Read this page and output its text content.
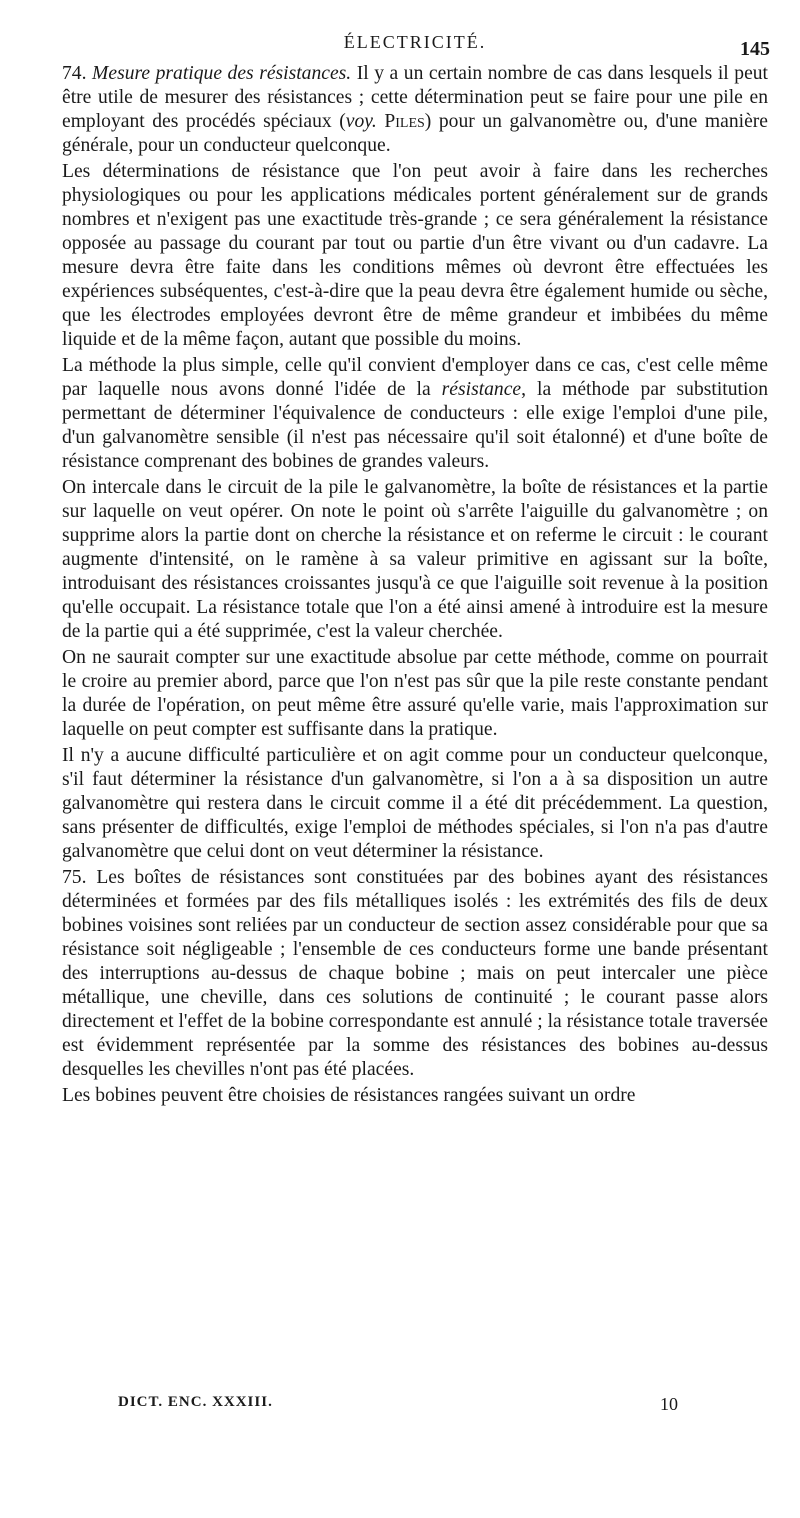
ÉLECTRICITÉ.	145

74. Mesure pratique des résistances. Il y a un certain nombre de cas dans lesquels il peut être utile de mesurer des résistances ; cette détermination peut se faire pour une pile en employant des procédés spéciaux (voy. Piles) pour un galvanomètre ou, d'une manière générale, pour un conducteur quelconque.

Les déterminations de résistance que l'on peut avoir à faire dans les recherches physiologiques ou pour les applications médicales portent généralement sur de grands nombres et n'exigent pas une exactitude très-grande ; ce sera généralement la résistance opposée au passage du courant par tout ou partie d'un être vivant ou d'un cadavre. La mesure devra être faite dans les conditions mêmes où devront être effectuées les expériences subséquentes, c'est-à-dire que la peau devra être également humide ou sèche, que les électrodes employées devront être de même grandeur et imbibées du même liquide et de la même façon, autant que possible du moins.

La méthode la plus simple, celle qu'il convient d'employer dans ce cas, c'est celle même par laquelle nous avons donné l'idée de la résistance, la méthode par substitution permettant de déterminer l'équivalence de conducteurs : elle exige l'emploi d'une pile, d'un galvanomètre sensible (il n'est pas nécessaire qu'il soit étalonné) et d'une boîte de résistance comprenant des bobines de grandes valeurs.

On intercale dans le circuit de la pile le galvanomètre, la boîte de résistances et la partie sur laquelle on veut opérer. On note le point où s'arrête l'aiguille du galvanomètre ; on supprime alors la partie dont on cherche la résistance et on referme le circuit : le courant augmente d'intensité, on le ramène à sa valeur primitive en agissant sur la boîte, introduisant des résistances croissantes jusqu'à ce que l'aiguille soit revenue à la position qu'elle occupait. La résistance totale que l'on a été ainsi amené à introduire est la mesure de la partie qui a été supprimée, c'est la valeur cherchée.

On ne saurait compter sur une exactitude absolue par cette méthode, comme on pourrait le croire au premier abord, parce que l'on n'est pas sûr que la pile reste constante pendant la durée de l'opération, on peut même être assuré qu'elle varie, mais l'approximation sur laquelle on peut compter est suffisante dans la pratique.

Il n'y a aucune difficulté particulière et on agit comme pour un conducteur quelconque, s'il faut déterminer la résistance d'un galvanomètre, si l'on a à sa disposition un autre galvanomètre qui restera dans le circuit comme il a été dit précédemment. La question, sans présenter de difficultés, exige l'emploi de méthodes spéciales, si l'on n'a pas d'autre galvanomètre que celui dont on veut déterminer la résistance.

75. Les boîtes de résistances sont constituées par des bobines ayant des résistances déterminées et formées par des fils métalliques isolés : les extrémités des fils de deux bobines voisines sont reliées par un conducteur de section assez considérable pour que sa résistance soit négligeable ; l'ensemble de ces conducteurs forme une bande présentant des interruptions au-dessus de chaque bobine ; mais on peut intercaler une pièce métallique, une cheville, dans ces solutions de continuité ; le courant passe alors directement et l'effet de la bobine correspondante est annulé ; la résistance totale traversée est évidemment représentée par la somme des résistances des bobines au-dessus desquelles les chevilles n'ont pas été placées.

Les bobines peuvent être choisies de résistances rangées suivant un ordre

DICT. ENC. XXXIII.	10
